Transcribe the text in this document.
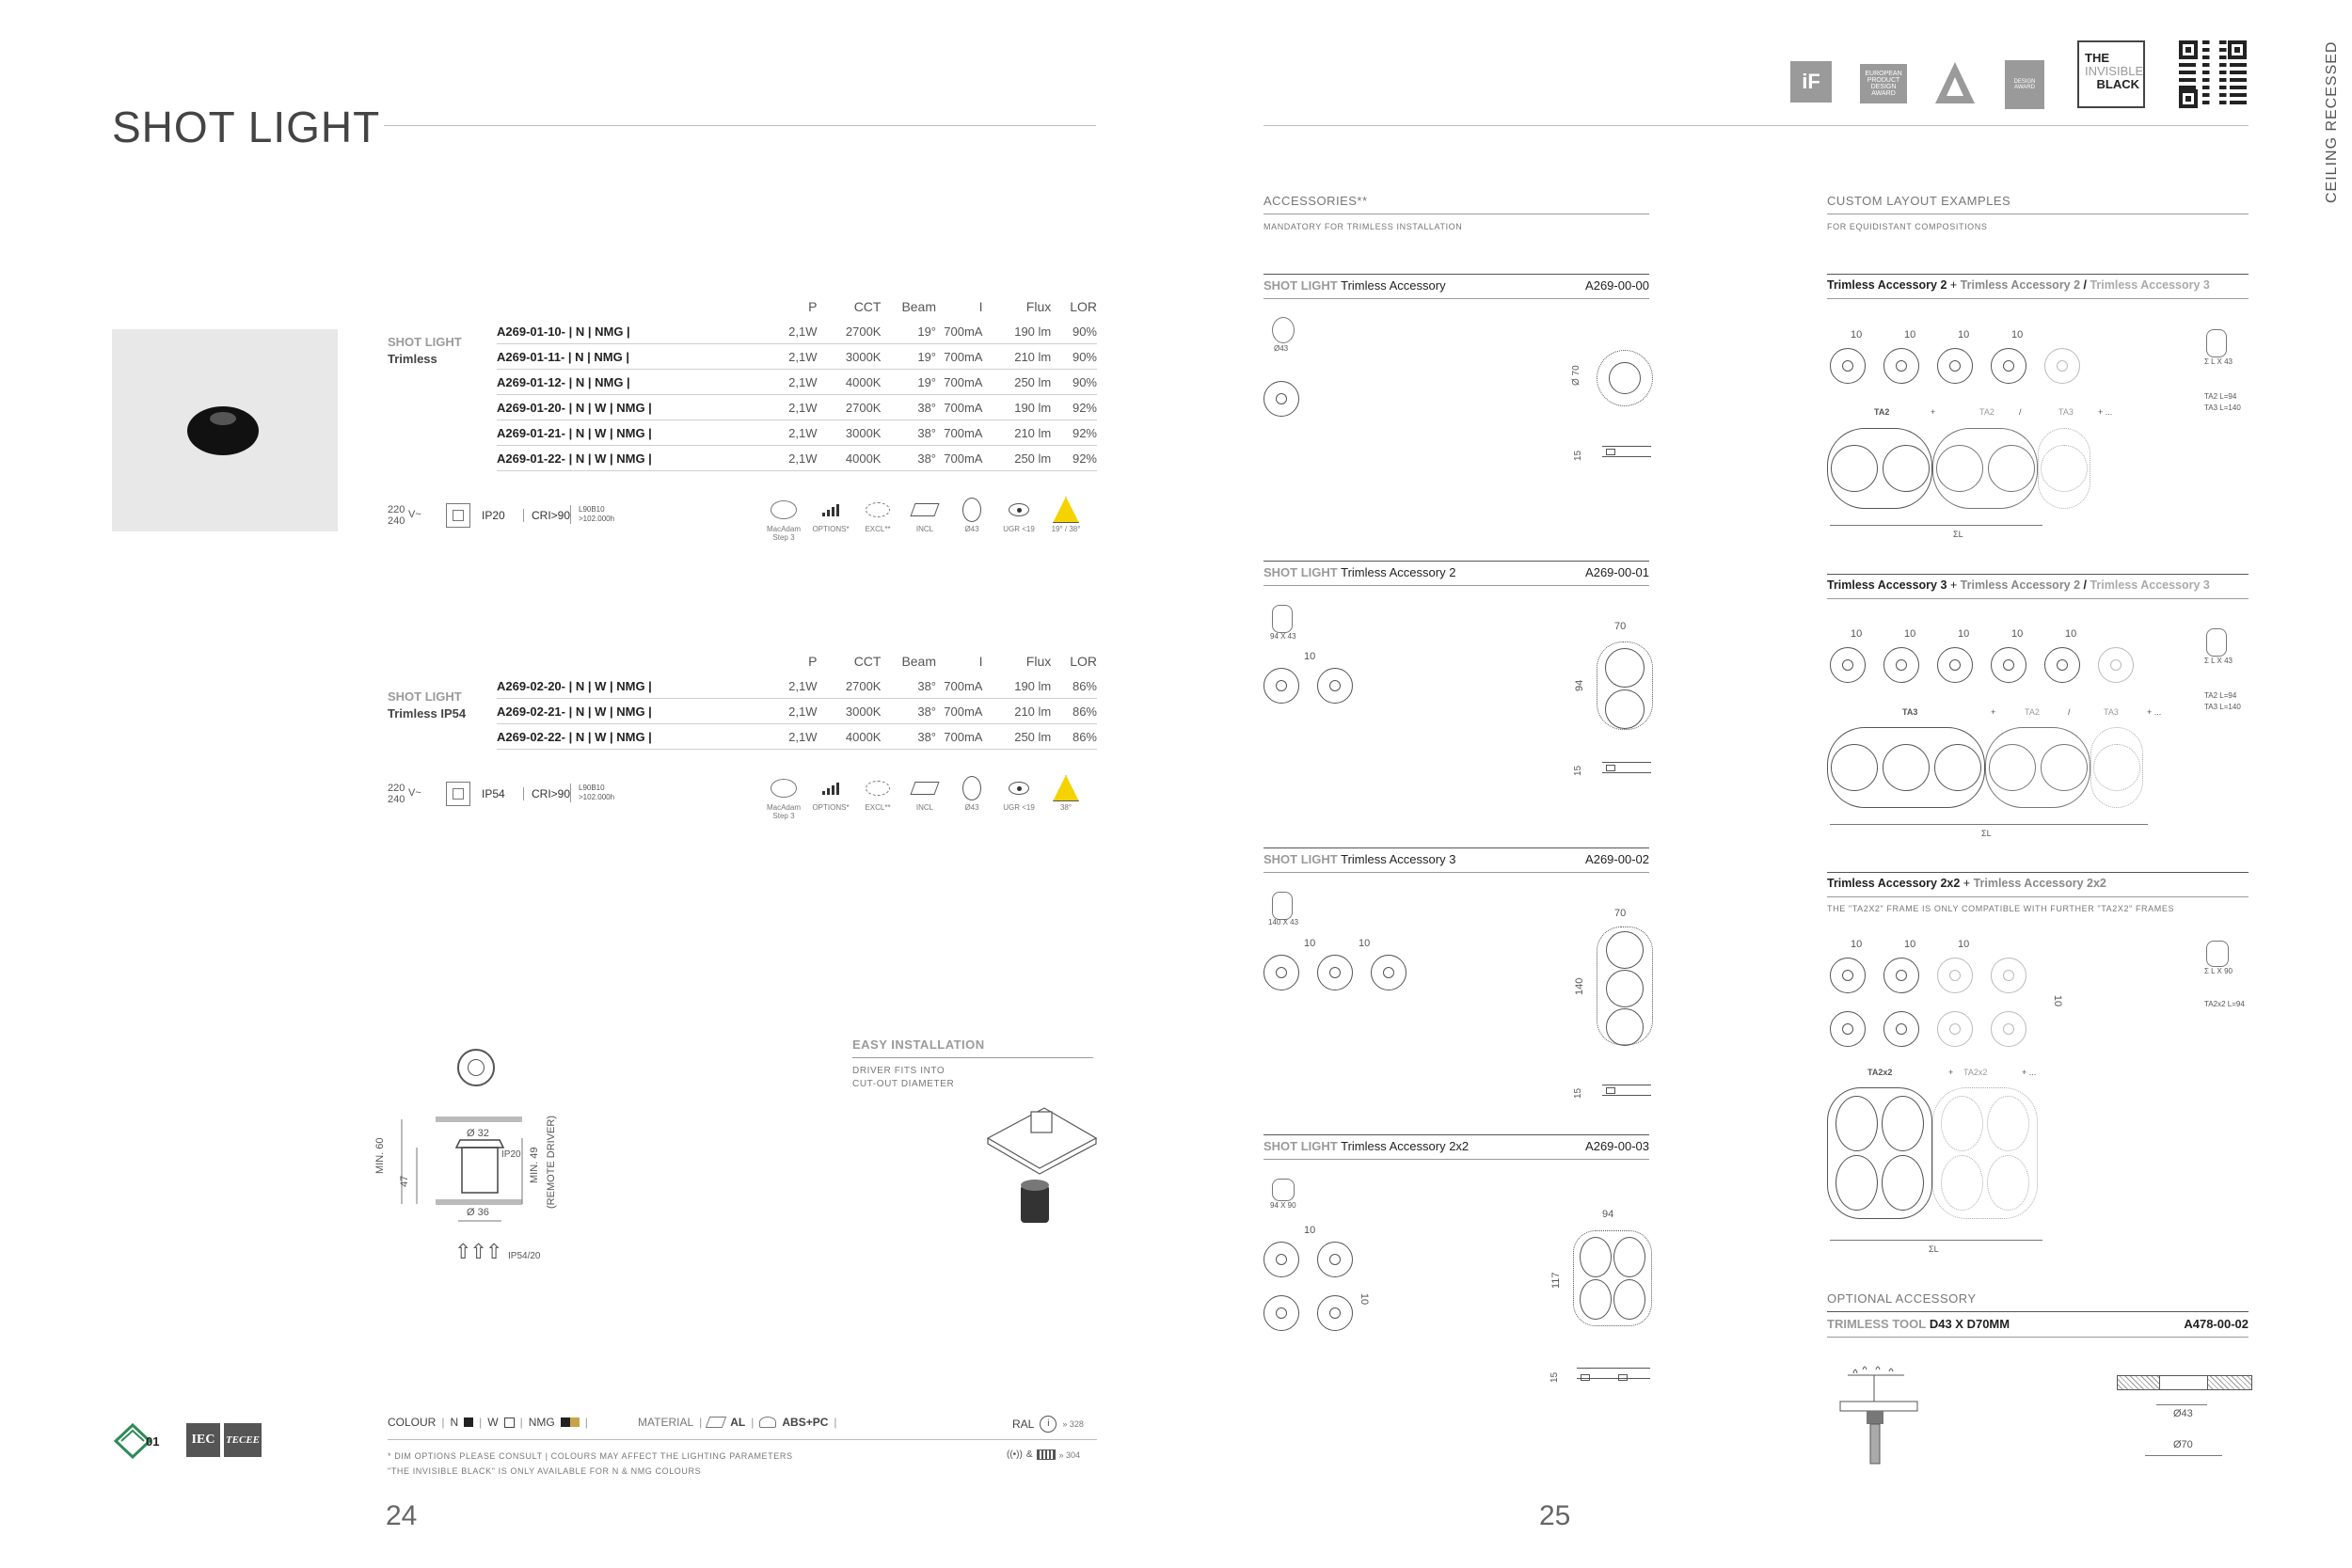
SHOT LIGHT
SHOT LIGHT
Trimless
	P	CCT	Beam	I	Flux	LOR
A269-01-10- | N | NMG |	2,1W	2700K	19°	700mA	190 lm	90%
A269-01-11- | N | NMG |	2,1W	3000K	19°	700mA	210 lm	90%
A269-01-12- | N | NMG |	2,1W	4000K	19°	700mA	250 lm	90%
A269-01-20- | N | W | NMG |	2,1W	2700K	38°	700mA	190 lm	92%
A269-01-21- | N | W | NMG |	2,1W	3000K	38°	700mA	210 lm	92%
A269-01-22- | N | W | NMG |	2,1W	4000K	38°	700mA	250 lm	92%
220
240
V~	IP20	CRI>90	L90B10
>102.000h
MacAdam
Step 3
OPTIONS* EXCL**	INCL	Ø43	UGR <19 19° / 38°
SHOT LIGHT
Trimless IP54
	P	CCT	Beam	I	Flux	LOR
A269-02-20- | N | W | NMG |	2,1W	2700K	38°	700mA	190 lm	86%
A269-02-21- | N | W | NMG |	2,1W	3000K	38°	700mA	210 lm	86%
A269-02-22- | N | W | NMG |	2,1W	4000K	38°	700mA	250 lm	86%
220
240
V~	IP54	CRI>90	L90B10
>102.000h
MacAdam
Step 3
OPTIONS* EXCL**	INCL	Ø43	UGR <19	38°
MIN. 60
47
Ø 32
IP20
Ø 36
MIN. 49 (REMOTE DRIVER)
⇧⇧⇧ IP54/20
EASY INSTALLATION
DRIVER FITS INTO
CUT-OUT DIAMETER
COLOUR | N | W | NMG	|	MATERIAL |	AL |	ABS+PC |	RAL	i	» 328
* DIM OPTIONS PLEASE CONSULT | COLOURS MAY AFFECT THE LIGHTING PARAMETERS
"THE INVISIBLE BLACK" IS ONLY AVAILABLE FOR N & NMG COLOURS
((•)) &	» 304
24
01	IEC	TECEE
iF	EUROPEAN PRODUCT DESIGN AWARD
DESIGN AWARD
THE
INVISIBLE
BLACK	CEILING RECESSED
ACCESSORIES**
MANDATORY FOR TRIMLESS INSTALLATION
SHOT LIGHT Trimless Accessory	A269-00-00
Ø43
Ø 70
15
SHOT LIGHT Trimless Accessory 2	A269-00-01
94 X 43
10
70
94
15
SHOT LIGHT Trimless Accessory 3	A269-00-02
140 X 43
10	10
70
140
15
SHOT LIGHT Trimless Accessory 2x2	A269-00-03
94 X 90
10
10
94
117
15
CUSTOM LAYOUT EXAMPLES
FOR EQUIDISTANT COMPOSITIONS
Trimless Accessory 2 + Trimless Accessory 2 / Trimless Accessory 3
10	10	10	10
Σ L X 43
TA2 L=94
TA3 L=140
TA2	+	TA2	/	TA3	+ ...
ΣL
Trimless Accessory 3 + Trimless Accessory 2 / Trimless Accessory 3
10	10	10	10	10
Σ L X 43
TA2 L=94
TA3 L=140
TA3	+	TA2	/	TA3	+ ...
ΣL
Trimless Accessory 2x2 + Trimless Accessory 2x2
THE "TA2X2" FRAME IS ONLY COMPATIBLE WITH FURTHER "TA2X2" FRAMES
10	10	10
10
Σ L X 90
TA2x2 L=94
TA2x2	+	TA2x2	+ ...
ΣL
OPTIONAL ACCESSORY
TRIMLESS TOOL D43 X D70MM	A478-00-02
Ø43
Ø70
25
